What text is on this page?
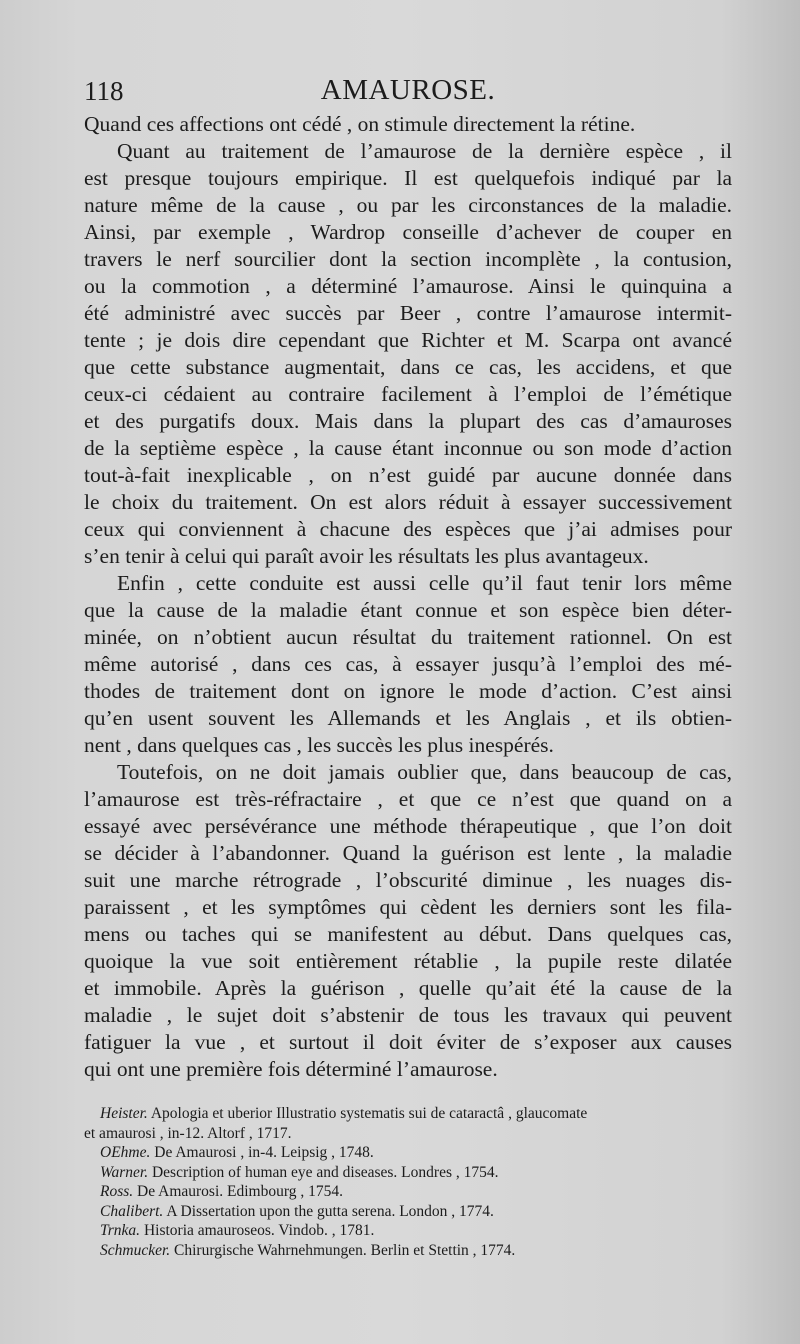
118	AMAUROSE.
Quand ces affections ont cédé , on stimule directement la rétine.
Quant au traitement de l’amaurose de la dernière espèce , il
est presque toujours empirique. Il est quelquefois indiqué par la
nature même de la cause , ou par les circonstances de la maladie.
Ainsi, par exemple , Wardrop conseille d’achever de couper en
travers le nerf sourcilier dont la section incomplète , la contusion,
ou la commotion , a déterminé l’amaurose. Ainsi le quinquina a
été administré avec succès par Beer , contre l’amaurose intermit-
tente ; je dois dire cependant que Richter et M. Scarpa ont avancé
que cette substance augmentait, dans ce cas, les accidens, et que
ceux-ci cédaient au contraire facilement à l’emploi de l’émétique
et des purgatifs doux. Mais dans la plupart des cas d’amauroses
de la septième espèce , la cause étant inconnue ou son mode d’action
tout-à-fait inexplicable , on n’est guidé par aucune donnée dans
le choix du traitement. On est alors réduit à essayer successivement
ceux qui conviennent à chacune des espèces que j’ai admises pour
s’en tenir à celui qui paraît avoir les résultats les plus avantageux.
Enfin , cette conduite est aussi celle qu’il faut tenir lors même
que la cause de la maladie étant connue et son espèce bien déter-
minée, on n’obtient aucun résultat du traitement rationnel. On est
même autorisé , dans ces cas, à essayer jusqu’à l’emploi des mé-
thodes de traitement dont on ignore le mode d’action. C’est ainsi
qu’en usent souvent les Allemands et les Anglais , et ils obtien-
nent , dans quelques cas , les succès les plus inespérés.
Toutefois, on ne doit jamais oublier que, dans beaucoup de cas,
l’amaurose est très-réfractaire , et que ce n’est que quand on a
essayé avec persévérance une méthode thérapeutique , que l’on doit
se décider à l’abandonner. Quand la guérison est lente , la maladie
suit une marche rétrograde , l’obscurité diminue , les nuages dis-
paraissent , et les symptômes qui cèdent les derniers sont les fila-
mens ou taches qui se manifestent au début. Dans quelques cas,
quoique la vue soit entièrement rétablie , la pupile reste dilatée
et immobile. Après la guérison , quelle qu’ait été la cause de la
maladie , le sujet doit s’abstenir de tous les travaux qui peuvent
fatiguer la vue , et surtout il doit éviter de s’exposer aux causes
qui ont une première fois déterminé l’amaurose.
Heister. Apologia et uberior Illustratio systematis sui de cataractâ , glaucomate
et amaurosi , in-12. Altorf , 1717.
OEhme. De Amaurosi , in-4. Leipsig , 1748.
Warner. Description of human eye and diseases. Londres , 1754.
Ross. De Amaurosi. Edimbourg , 1754.
Chalibert. A Dissertation upon the gutta serena. London , 1774.
Trnka. Historia amauroseos. Vindob. , 1781.
Schmucker. Chirurgische Wahrnehmungen. Berlin et Stettin , 1774.
